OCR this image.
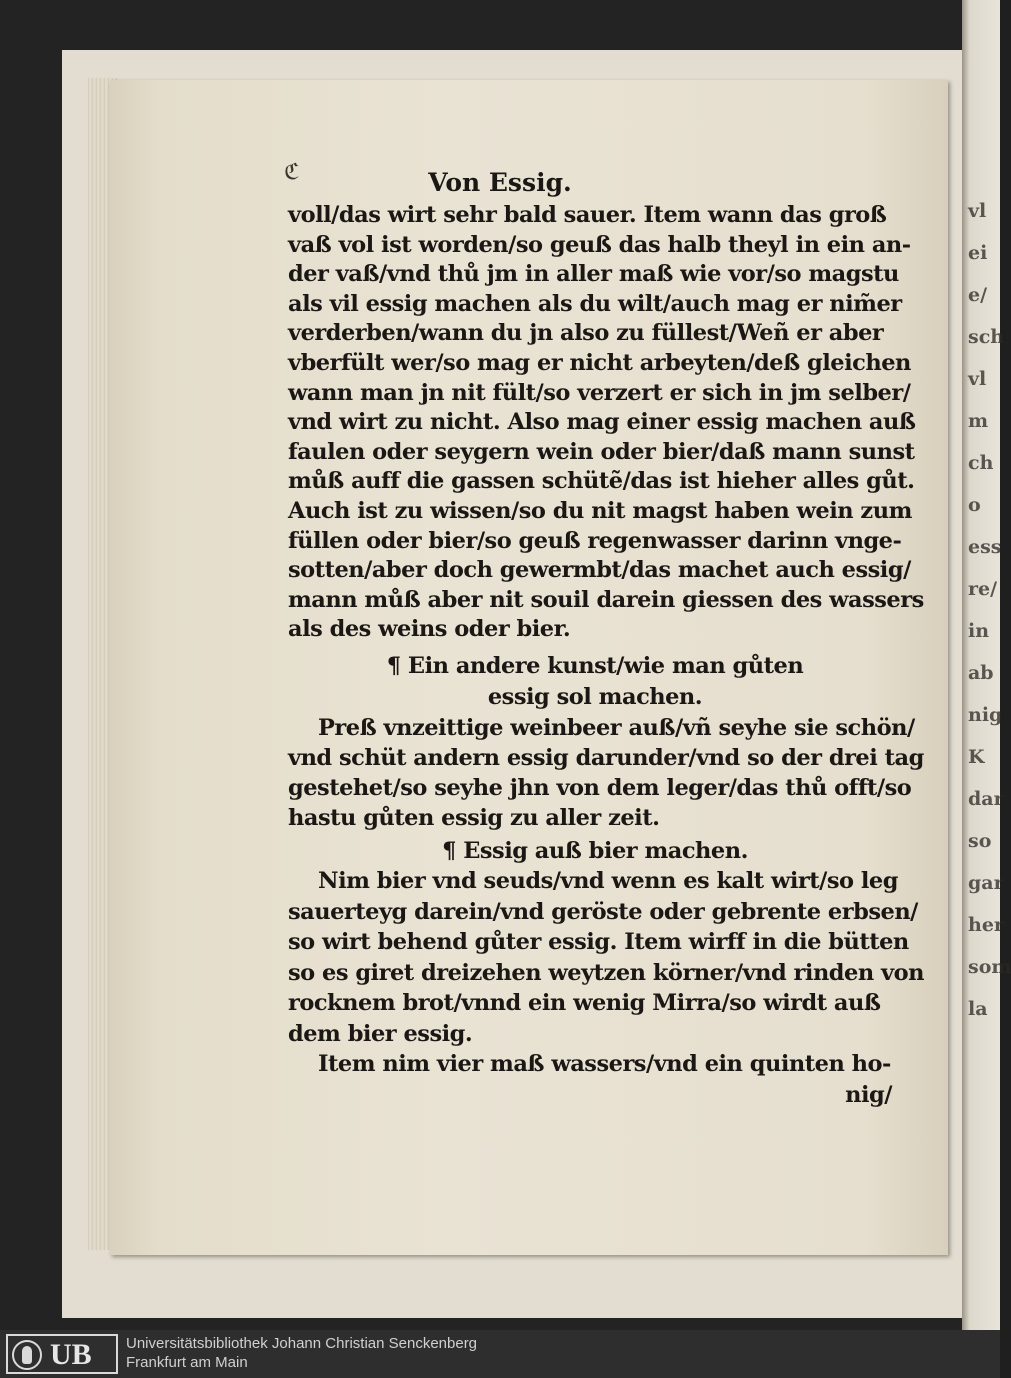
vl
ei
e/
sch
vl
m
ch
o
ess
re/
in
ab
nig
K
dar
so
gar
her
som
la
ℭ	Von Essig.
voll/das wirt sehr bald sauer. Item wann das groß
vaß vol ist worden/so geuß das halb theyl in ein an-
der vaß/vnd thů jm in aller maß wie vor/so magstu
als vil essig machen als du wilt/auch mag er nim̃er
verderben/wann du jn also zu füllest/Weñ er aber
vberfült wer/so mag er nicht arbeyten/deß gleichen
wann man jn nit fült/so verzert er sich in jm selber/
vnd wirt zu nicht. Also mag einer essig machen auß
faulen oder seygern wein oder bier/daß mann sunst
můß auff die gassen schütẽ/das ist hieher alles gůt.
Auch ist zu wissen/so du nit magst haben wein zum
füllen oder bier/so geuß regenwasser darinn vnge-
sotten/aber doch gewermbt/das machet auch essig/
mann můß aber nit souil darein giessen des wassers
als des weins oder bier.
¶ Ein andere kunst/wie man gůten
essig sol machen.
Preß vnzeittige weinbeer auß/vñ seyhe sie schön/
vnd schüt andern essig darunder/vnd so der drei tag
gestehet/so seyhe jhn von dem leger/das thů offt/so
hastu gůten essig zu aller zeit.
¶ Essig auß bier machen.
Nim bier vnd seuds/vnd wenn es kalt wirt/so leg
sauerteyg darein/vnd geröste oder gebrente erbsen/
so wirt behend gůter essig. Item wirff in die bütten
so es giret dreizehen weytzen körner/vnd rinden von
rocknem brot/vnnd ein wenig Mirra/so wirdt auß
dem bier essig.
Item nim vier maß wassers/vnd ein quinten ho-
nig/
UB Universitätsbibliothek Johann Christian Senckenberg
Frankfurt am Main
